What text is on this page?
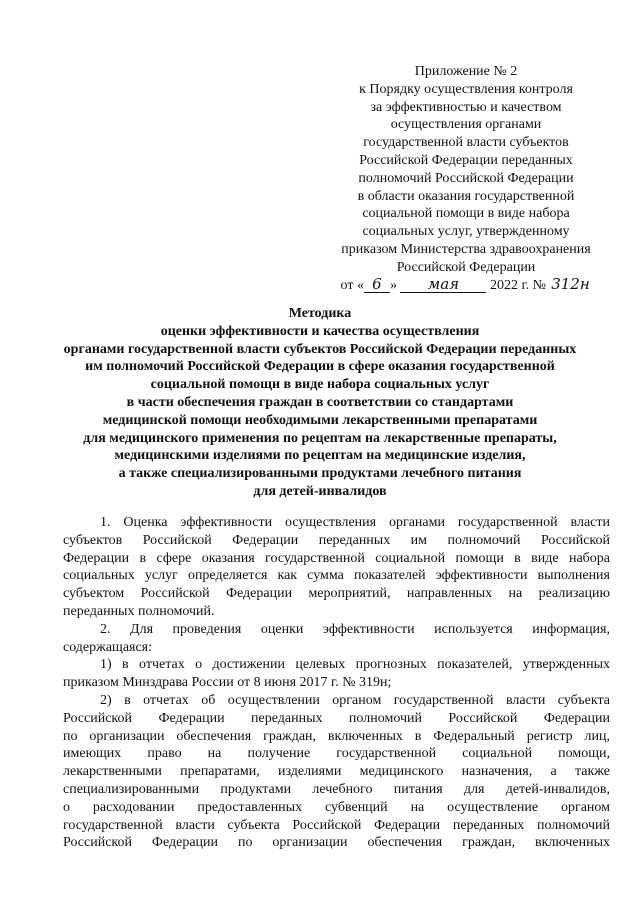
Приложение № 2
к Порядку осуществления контроля
за эффективностью и качеством
осуществления органами
государственной власти субъектов
Российской Федерации переданных
полномочий Российской Федерации
в области оказания государственной
социальной помощи в виде набора
социальных услуг, утвержденному
приказом Министерства здравоохранения
Российской Федерации
от « 6 » мая 2022 г. № 312н
Методика
оценки эффективности и качества осуществления
органами государственной власти субъектов Российской Федерации переданных
им полномочий Российской Федерации в сфере оказания государственной
социальной помощи в виде набора социальных услуг
в части обеспечения граждан в соответствии со стандартами
медицинской помощи необходимыми лекарственными препаратами
для медицинского применения по рецептам на лекарственные препараты,
медицинскими изделиями по рецептам на медицинские изделия,
а также специализированными продуктами лечебного питания
для детей-инвалидов
1. Оценка эффективности осуществления органами государственной власти
субъектов Российской Федерации переданных им полномочий Российской
Федерации в сфере оказания государственной социальной помощи в виде набора
социальных услуг определяется как сумма показателей эффективности выполнения
субъектом Российской Федерации мероприятий, направленных на реализацию
переданных полномочий.
2. Для проведения оценки эффективности используется информация,
содержащаяся:
1) в отчетах о достижении целевых прогнозных показателей, утвержденных
приказом Минздрава России от 8 июня 2017 г. № 319н;
2) в отчетах об осуществлении органом государственной власти субъекта
Российской Федерации переданных полномочий Российской Федерации
по организации обеспечения граждан, включенных в Федеральный регистр лиц,
имеющих право на получение государственной социальной помощи,
лекарственными препаратами, изделиями медицинского назначения, а также
специализированными продуктами лечебного питания для детей-инвалидов,
о расходовании предоставленных субвенций на осуществление органом
государственной власти субъекта Российской Федерации переданных полномочий
Российской Федерации по организации обеспечения граждан, включенных
